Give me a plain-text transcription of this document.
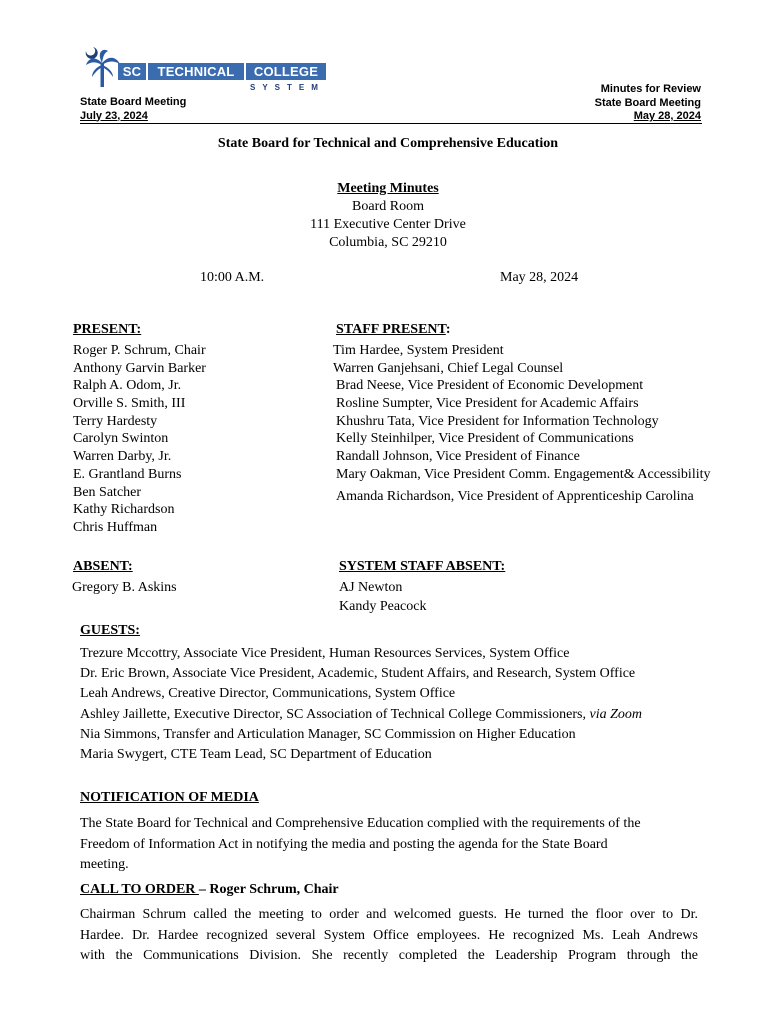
SC	TECHNICAL	COLLEGE
SYSTEM
State Board Meeting
July 23, 2024
Minutes for Review
State Board Meeting
May 28, 2024
State Board for Technical and Comprehensive Education
Meeting Minutes
Board Room
111 Executive Center Drive
Columbia, SC 29210
10:00 A.M.	May 28, 2024
PRESENT:
Roger P. Schrum, Chair
Anthony Garvin Barker
Ralph A. Odom, Jr.
Orville S. Smith, III
Terry Hardesty
Carolyn Swinton
Warren Darby, Jr.
E. Grantland Burns
Ben Satcher
Kathy Richardson
Chris Huffman
STAFF PRESENT:
Tim Hardee, System President
Warren Ganjehsani, Chief Legal Counsel
Brad Neese, Vice President of Economic Development
Rosline Sumpter, Vice President for Academic Affairs
Khushru Tata, Vice President for Information Technology
Kelly Steinhilper, Vice President of Communications
Randall Johnson, Vice President of Finance
Mary Oakman, Vice President Comm. Engagement& Accessibility
Amanda Richardson, Vice President of Apprenticeship Carolina
ABSENT:
Gregory B. Askins
SYSTEM STAFF ABSENT:
AJ Newton
Kandy Peacock
GUESTS:
Trezure Mccottry, Associate Vice President, Human Resources Services, System Office
Dr. Eric Brown, Associate Vice President, Academic, Student Affairs, and Research, System Office
Leah Andrews, Creative Director, Communications, System Office
Ashley Jaillette, Executive Director, SC Association of Technical College Commissioners, via Zoom
Nia Simmons, Transfer and Articulation Manager, SC Commission on Higher Education
Maria Swygert, CTE Team Lead, SC Department of Education
NOTIFICATION OF MEDIA
The State Board for Technical and Comprehensive Education complied with the requirements of the
Freedom of Information Act in notifying the media and posting the agenda for the State Board
meeting.
CALL TO ORDER – Roger Schrum, Chair
Chairman Schrum called the meeting to order and welcomed guests. He turned the floor over to Dr.
Hardee. Dr. Hardee recognized several System Office employees. He recognized Ms. Leah Andrews
with the Communications Division. She recently completed the Leadership Program through the
